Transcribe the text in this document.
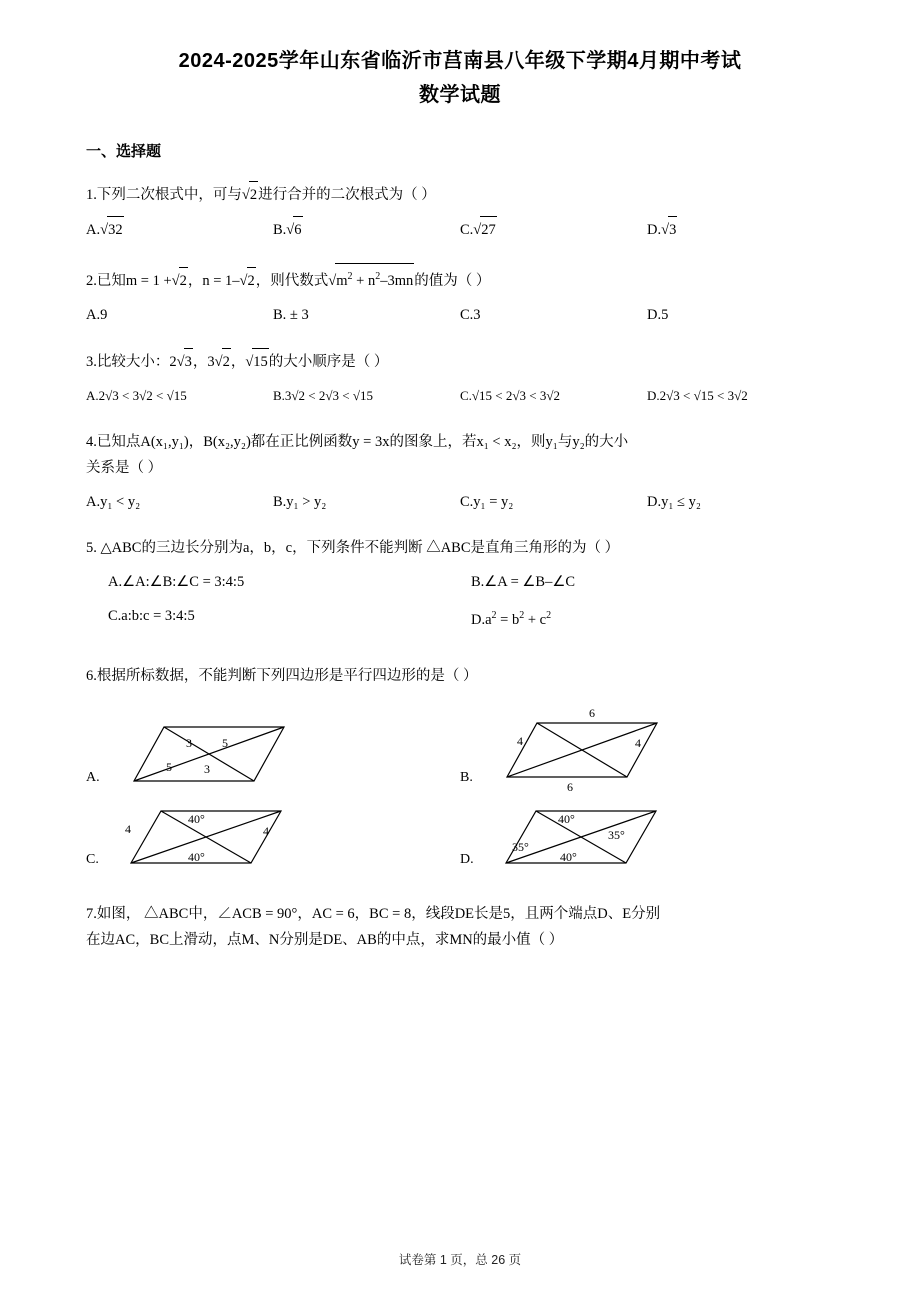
2024-2025学年山东省临沂市莒南县八年级下学期4月期中考试
数学试题
一、选择题
1.下列二次根式中，可与√2进行合并的二次根式为（ ）
A.√32	B.√6	C.√27	D.√3
2.已知m = 1 +√2，n = 1–√2，则代数式$√m^2 + n^2-3mn$的值为（ ）
A.9	B. ± 3	C.3	D.5
3.比较大小：2√3，3√2，√15的大小顺序是（ ）
A.2√3 < 3√2 < √15	B.3√2 < 2√3 < √15	C.√15 < 2√3 < 3√2	D.2√3 < √15 < 3√2
4.已知点A(x₁,y₁)，B(x₂,y₂)都在正比例函数y = 3x的图象上，若x₁ < x₂，则y₁与y₂的大小
关系是（ ）
A.y₁ < y₂	B.y₁ > y₂	C.y₁ = y₂	D.y₁ ≤ y₂
5. △ABC的三边长分别为a，b，c，下列条件不能判断 △ABC是直角三角形的为（ ）
A.∠A:∠B:∠C = 3:4:5	B.∠A = ∠B–∠C
C.a:b:c = 3:4:5	$D.a^2 = b^2 + c^2$
6.根据所标数据，不能判断下列四边形是平行四边形的是（ ）
A.
3	5
5	3
B.
6
4	4
6
C.
4
40°
40°
4
D.
40°
35°
35°
40°
7.如图， △ABC中，∠ACB = 90°，AC = 6，BC = 8，线段DE长是5，且两个端点D、E分别
在边AC，BC上滑动，点M、N分别是DE、AB的中点，求MN的最小值（ ）
试卷第 1 页，总 26 页
